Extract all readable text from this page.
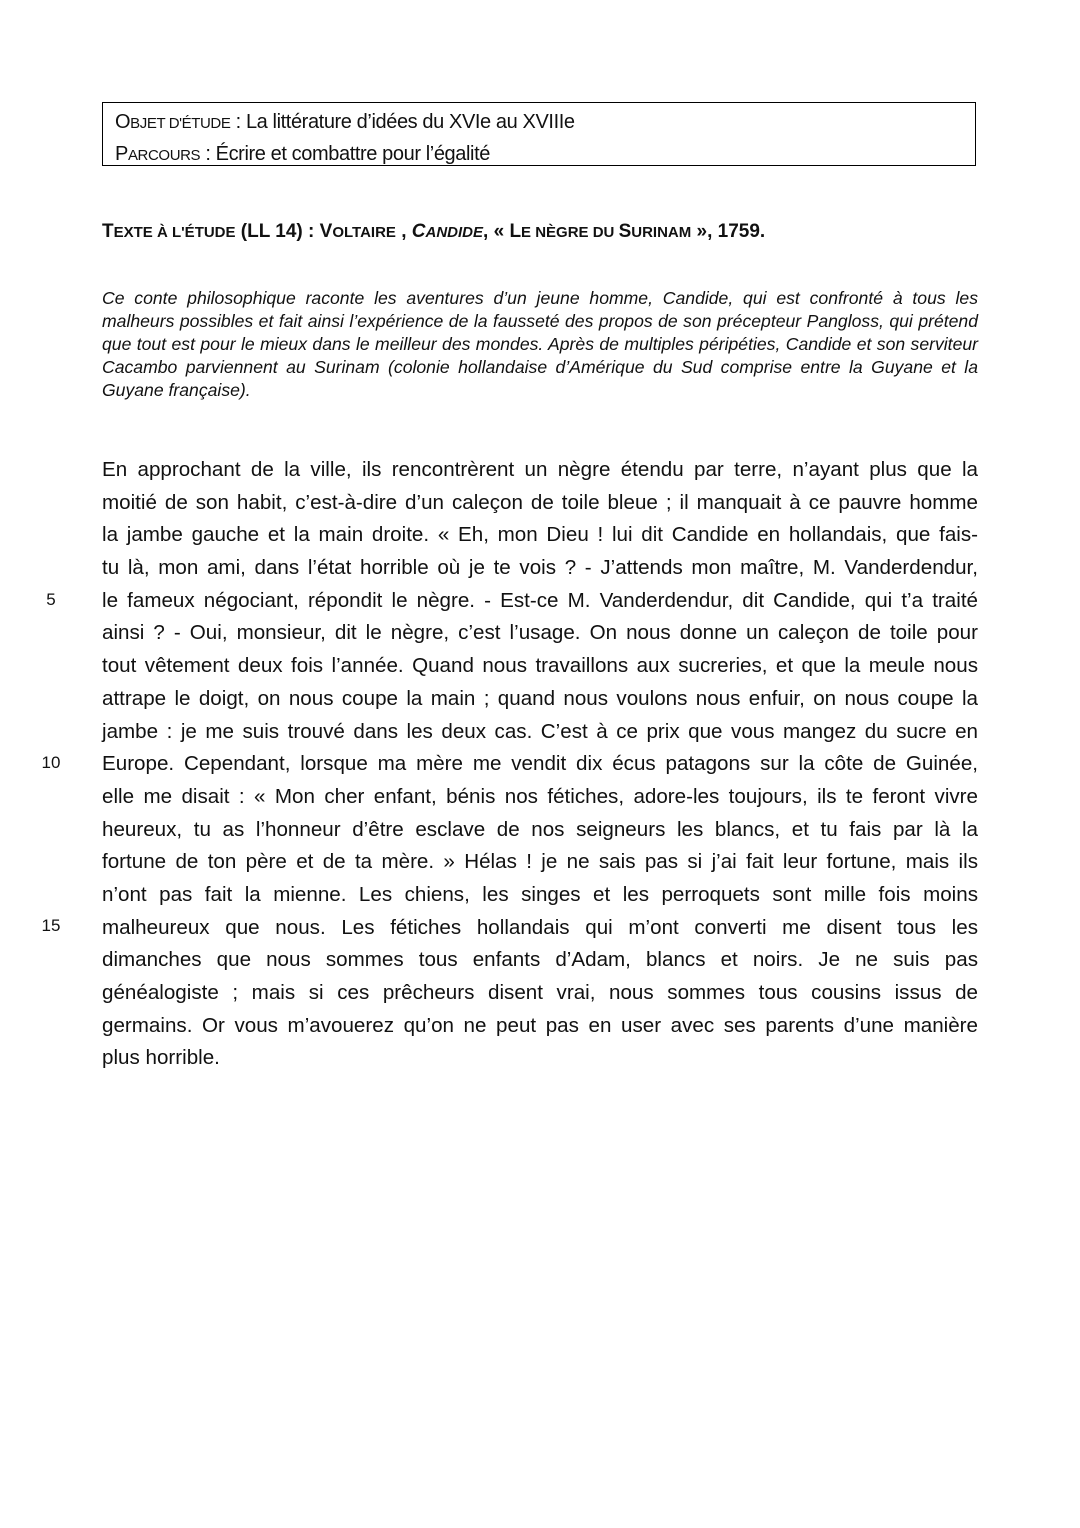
OBJET D'ÉTUDE : La littérature d’idées du XVIe au XVIIIe
PARCOURS : Écrire et combattre pour l’égalité
TEXTE À L'ÉTUDE (LL 14) : VOLTAIRE , CANDIDE, « LE NÈGRE DU SURINAM », 1759.
Ce conte philosophique raconte les aventures d’un jeune homme, Candide, qui est confronté à tous les malheurs possibles et fait ainsi l’expérience de la fausseté des propos de son précepteur Pangloss, qui prétend que tout est pour le mieux dans le meilleur des mondes. Après de multiples péripéties, Candide et son serviteur Cacambo parviennent au Surinam (colonie hollandaise d’Amérique du Sud comprise entre la Guyane et la Guyane française).
En approchant de la ville, ils rencontrèrent un nègre étendu par terre, n’ayant plus que la
moitié de son habit, c’est-à-dire d’un caleçon de toile bleue ; il manquait à ce pauvre homme
la jambe gauche et la main droite. « Eh, mon Dieu ! lui dit Candide en hollandais, que fais-
tu là, mon ami, dans l’état horrible où je te vois ? - J’attends mon maître, M. Vanderdendur,
le fameux négociant, répondit le nègre. - Est-ce M. Vanderdendur, dit Candide, qui t’a traité
ainsi ? - Oui, monsieur, dit le nègre, c’est l’usage. On nous donne un caleçon de toile pour
tout vêtement deux fois l’année. Quand nous travaillons aux sucreries, et que la meule nous
attrape le doigt, on nous coupe la main ; quand nous voulons nous enfuir, on nous coupe la
jambe : je me suis trouvé dans les deux cas. C’est à ce prix que vous mangez du sucre en
Europe. Cependant, lorsque ma mère me vendit dix écus patagons sur la côte de Guinée,
elle me disait : « Mon cher enfant, bénis nos fétiches, adore-les toujours, ils te feront vivre
heureux, tu as l’honneur d’être esclave de nos seigneurs les blancs, et tu fais par là la
fortune de ton père et de ta mère. » Hélas ! je ne sais pas si j’ai fait leur fortune, mais ils
n’ont pas fait la mienne. Les chiens, les singes et les perroquets sont mille fois moins
malheureux que nous. Les fétiches hollandais qui m’ont converti me disent tous les
dimanches que nous sommes tous enfants d’Adam, blancs et noirs. Je ne suis pas
généalogiste ; mais si ces prêcheurs disent vrai, nous sommes tous cousins issus de
germains. Or vous m’avouerez qu’on ne peut pas en user avec ses parents d’une manière
plus horrible.
5
10
15
